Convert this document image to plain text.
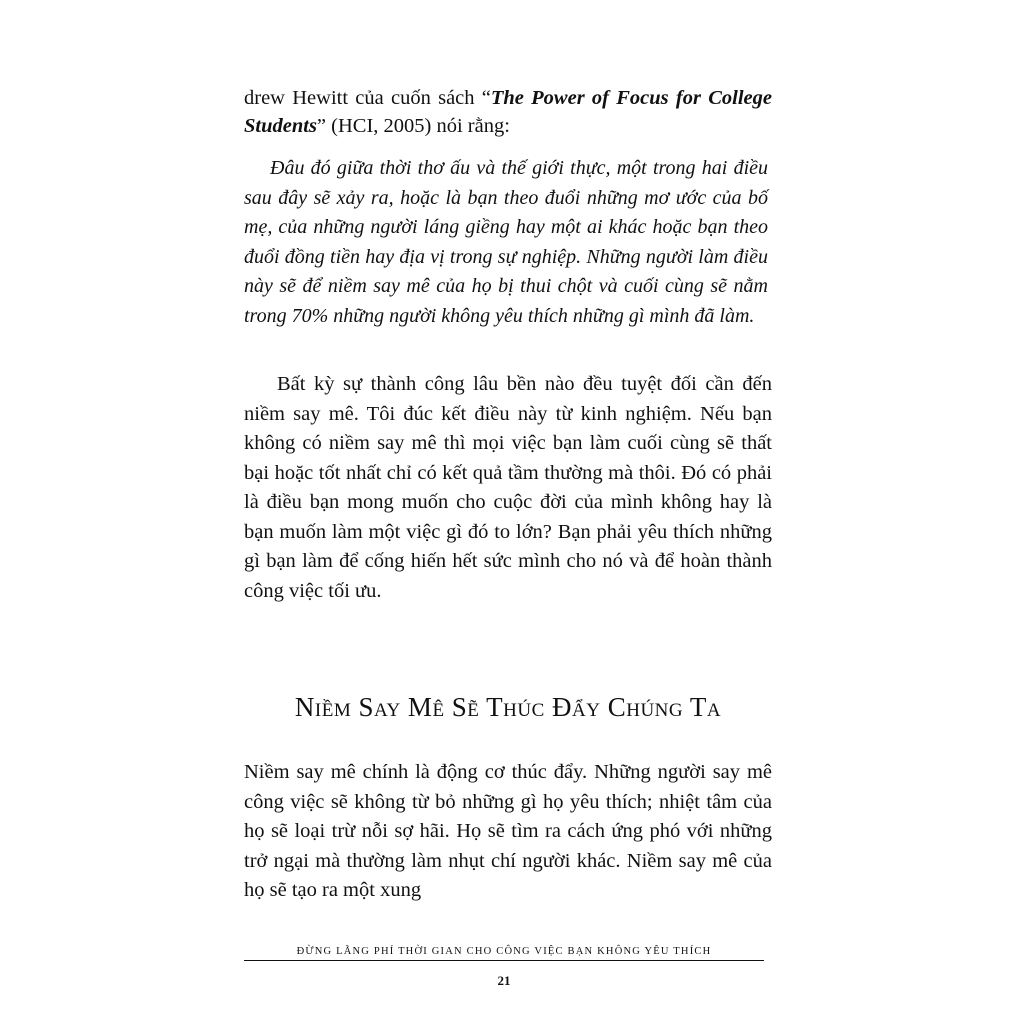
drew Hewitt của cuốn sách “The Power of Focus for College Students” (HCI, 2005) nói rằng:

Đâu đó giữa thời thơ ấu và thế giới thực, một trong hai điều sau đây sẽ xảy ra, hoặc là bạn theo đuổi những mơ ước của bố mẹ, của những người láng giềng hay một ai khác hoặc bạn theo đuổi đồng tiền hay địa vị trong sự nghiệp. Những người làm điều này sẽ để niềm say mê của họ bị thui chột và cuối cùng sẽ nằm trong 70% những người không yêu thích những gì mình đã làm.

Bất kỳ sự thành công lâu bền nào đều tuyệt đối cần đến niềm say mê. Tôi đúc kết điều này từ kinh nghiệm. Nếu bạn không có niềm say mê thì mọi việc bạn làm cuối cùng sẽ thất bại hoặc tốt nhất chỉ có kết quả tầm thường mà thôi. Đó có phải là điều bạn mong muốn cho cuộc đời của mình không hay là bạn muốn làm một việc gì đó to lớn? Bạn phải yêu thích những gì bạn làm để cống hiến hết sức mình cho nó và để hoàn thành công việc tối ưu.

Niềm Say Mê Sẽ Thúc Đẩy Chúng Ta

Niềm say mê chính là động cơ thúc đẩy. Những người say mê công việc sẽ không từ bỏ những gì họ yêu thích; nhiệt tâm của họ sẽ loại trừ nỗi sợ hãi. Họ sẽ tìm ra cách ứng phó với những trở ngại mà thường làm nhụt chí người khác. Niềm say mê của họ sẽ tạo ra một xung

ĐỪNG LÃNG PHÍ THỜI GIAN CHO CÔNG VIỆC BẠN KHÔNG YÊU THÍCH
21
